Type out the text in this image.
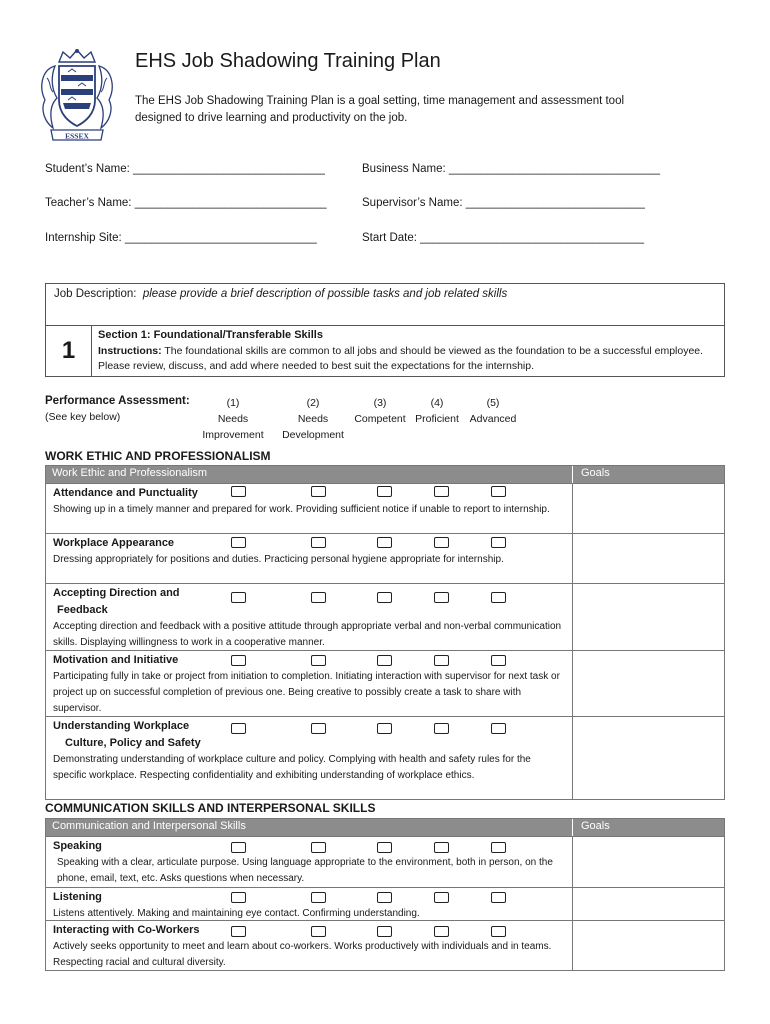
ESSEX
EHS Job Shadowing Training Plan
The EHS Job Shadowing Training Plan is a goal setting, time management and assessment tool designed to drive learning and productivity on the job.
Student’s Name: ______________________________	Business Name: _________________________________
Teacher’s Name: ______________________________	Supervisor’s Name: ____________________________
Internship Site: ______________________________	Start Date: ___________________________________
Job Description: please provide a brief description of possible tasks and job related skills
1
Section 1: Foundational/Transferable Skills
Instructions: The foundational skills are common to all jobs and should be viewed as the foundation to be a successful employee. Please review, discuss, and add where needed to best suit the expectations for the internship.
Performance Assessment:
(See key below)
(1)
Needs
Improvement
(2)
Needs
Development
(3)
Competent
(4)
Proficient
(5)
Advanced
WORK ETHIC AND PROFESSIONALISM
Work Ethic and Professionalism	Goals
Attendance and Punctuality
Showing up in a timely manner and prepared for work. Providing sufficient notice if unable to report to internship.
Workplace Appearance
Dressing appropriately for positions and duties. Practicing personal hygiene appropriate for internship.
Accepting Direction and
Feedback
Accepting direction and feedback with a positive attitude through appropriate verbal and non-verbal communication skills. Displaying willingness to work in a cooperative manner.
Motivation and Initiative
Participating fully in take or project from initiation to completion. Initiating interaction with supervisor for next task or project up on successful completion of previous one. Being creative to possibly create a task to share with supervisor.
Understanding Workplace
Culture, Policy and Safety
Demonstrating understanding of workplace culture and policy. Complying with health and safety rules for the specific workplace. Respecting confidentiality and exhibiting understanding of workplace ethics.
COMMUNICATION SKILLS AND INTERPERSONAL SKILLS
Communication and Interpersonal Skills	Goals
Speaking
Speaking with a clear, articulate purpose. Using language appropriate to the environment, both in person, on the phone, email, text, etc. Asks questions when necessary.
Listening
Listens attentively. Making and maintaining eye contact. Confirming understanding.
Interacting with Co-Workers
Actively seeks opportunity to meet and learn about co-workers. Works productively with individuals and in teams. Respecting racial and cultural diversity.
